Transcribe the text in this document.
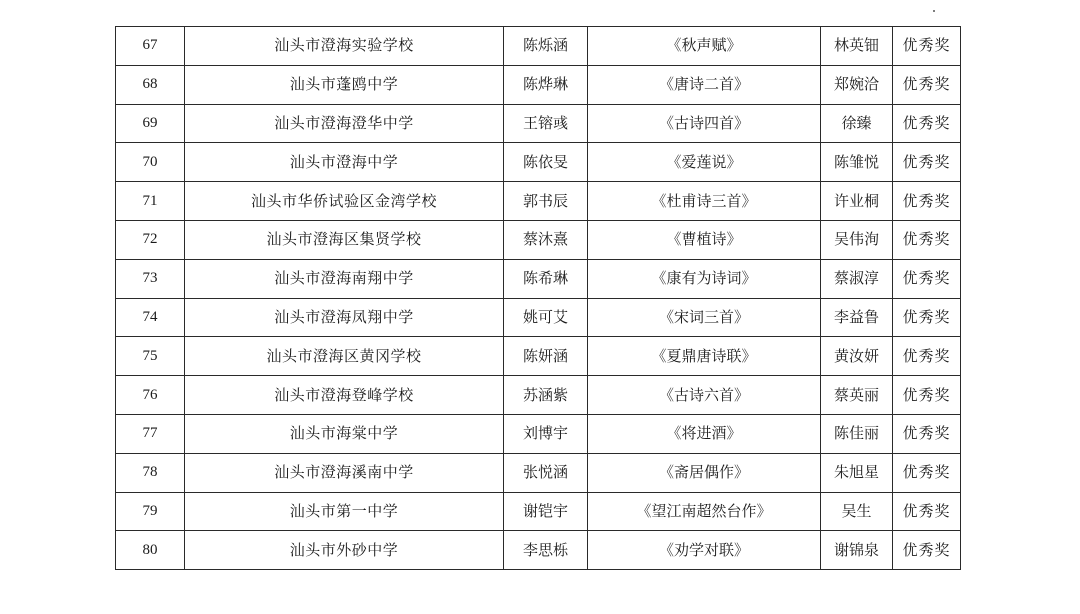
67	汕头市澄海实验学校	陈烁涵	《秋声赋》	林英钿	优秀奖
68	汕头市蓬鸥中学	陈烨琳	《唐诗二首》	郑婉洽	优秀奖
69	汕头市澄海澄华中学	王镕彧	《古诗四首》	徐臻	优秀奖
70	汕头市澄海中学	陈依旻	《爱莲说》	陈雏悦	优秀奖
71	汕头市华侨试验区金湾学校	郭书辰	《杜甫诗三首》	许业桐	优秀奖
72	汕头市澄海区集贤学校	蔡沐熹	《曹植诗》	吴伟洵	优秀奖
73	汕头市澄海南翔中学	陈希琳	《康有为诗词》	蔡淑淳	优秀奖
74	汕头市澄海凤翔中学	姚可艾	《宋词三首》	李益鲁	优秀奖
75	汕头市澄海区黄冈学校	陈妍涵	《夏鼎唐诗联》	黄汝妍	优秀奖
76	汕头市澄海登峰学校	苏涵紫	《古诗六首》	蔡英丽	优秀奖
77	汕头市海棠中学	刘博宇	《将进酒》	陈佳丽	优秀奖
78	汕头市澄海溪南中学	张悦涵	《斋居偶作》	朱旭星	优秀奖
79	汕头市第一中学	谢铠宇	《望江南超然台作》	吴生	优秀奖
80	汕头市外砂中学	李思栎	《劝学对联》	谢锦泉	优秀奖
